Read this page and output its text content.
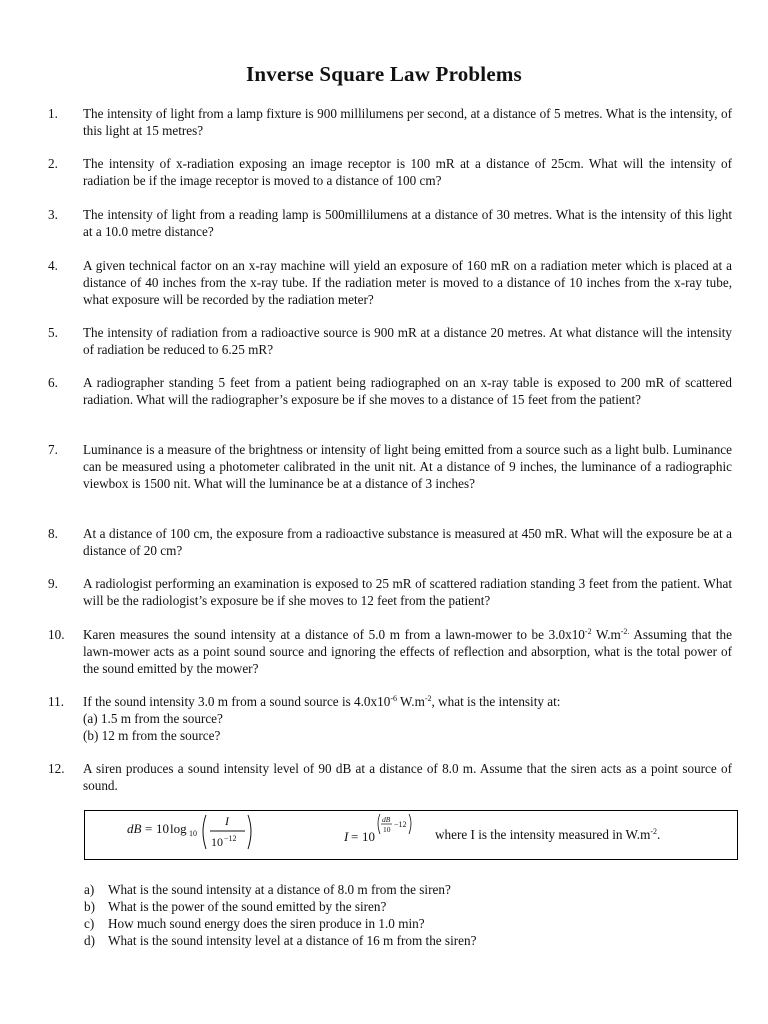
Inverse Square Law Problems
1.	The intensity of light from a lamp fixture is 900 millilumens per second, at a distance of 5 metres. What is the intensity, of this light at 15 metres?
2.	The intensity of x-radiation exposing an image receptor is 100 mR at a distance of 25cm. What will the intensity of radiation be if the image receptor is moved to a distance of 100 cm?
3.	The intensity of light from a reading lamp is 500millilumens at a distance of 30 metres. What is the intensity of this light at a 10.0 metre distance?
4.	A given technical factor on an x-ray machine will yield an exposure of 160 mR on a radiation meter which is placed at a distance of 40 inches from the x-ray tube. If the radiation meter is moved to a distance of 10 inches from the x-ray tube, what exposure will be recorded by the radiation meter?
5.	The intensity of radiation from a radioactive source is 900 mR at a distance 20 metres. At what distance will the intensity of radiation be reduced to 6.25 mR?
6.	A radiographer standing 5 feet from a patient being radiographed on an x-ray table is exposed to 200 mR of scattered radiation. What will the radiographer’s exposure be if she moves to a distance of 15 feet from the patient?
7.	Luminance is a measure of the brightness or intensity of light being emitted from a source such as a light bulb. Luminance can be measured using a photometer calibrated in the unit nit. At a distance of 9 inches, the luminance of a radiographic viewbox is 1500 nit. What will the luminance be at a distance of 3 inches?
8.	At a distance of 100 cm, the exposure from a radioactive substance is measured at 450 mR. What will the exposure be at a distance of 20 cm?
9.	A radiologist performing an examination is exposed to 25 mR of scattered radiation standing 3 feet from the patient. What will be the radiologist’s exposure be if she moves to 12 feet from the patient?
10.	Karen measures the sound intensity at a distance of 5.0 m from a lawn-mower to be $3.0x10^{-2}$ $W.m^{-2.}$ Assuming that the lawn-mower acts as a point sound source and ignoring the effects of reflection and absorption, what is the total power of the sound emitted by the mower?
11.	If the sound intensity 3.0 m from a sound source is $4.0x10^{-6}$ $W.m^{-2}$, what is the intensity at:
(a) 1.5 m from the source?
(b) 12 m from the source?
12.	A siren produces a sound intensity level of 90 dB at a distance of 8.0 m. Assume that the siren acts as a point source of sound.
dB = 10 log 10
I
10 −12	I = 10
dB
10
−12
where I is the intensity measured in $W.m^{-2}$.
a) What is the sound intensity at a distance of 8.0 m from the siren?
b) What is the power of the sound emitted by the siren?
c) How much sound energy does the siren produce in 1.0 min?
d) What is the sound intensity level at a distance of 16 m from the siren?
